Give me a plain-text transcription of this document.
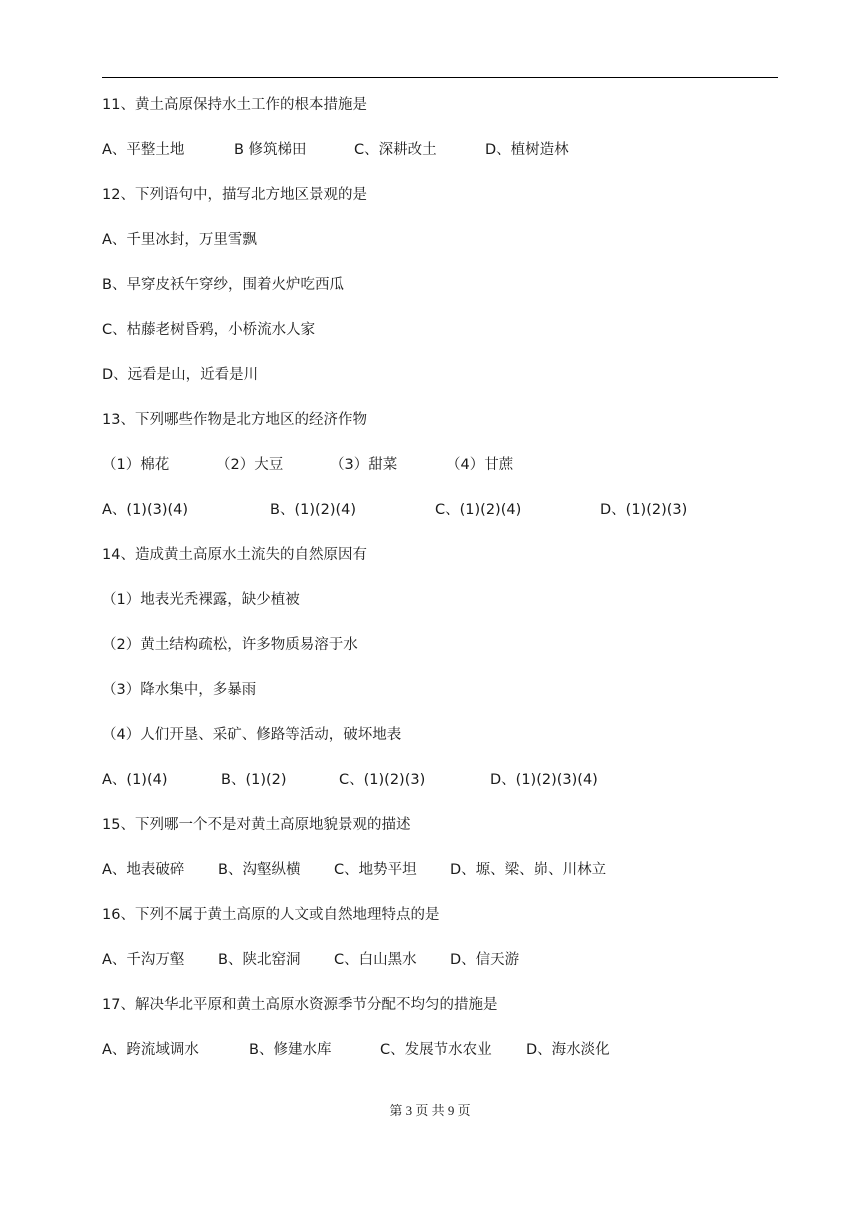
11、黄土高原保持水土工作的根本措施是
A、平整土地	B 修筑梯田	C、深耕改土	D、植树造林
12、下列语句中，描写北方地区景观的是
A、千里冰封，万里雪飘
B、早穿皮袄午穿纱，围着火炉吃西瓜
C、枯藤老树昏鸦，小桥流水人家
D、远看是山，近看是川
13、下列哪些作物是北方地区的经济作物
（1）棉花	（2）大豆	（3）甜菜	（4）甘蔗
A、(1)(3)(4)	B、(1)(2)(4)	C、(1)(2)(4)	D、(1)(2)(3)
14、造成黄土高原水土流失的自然原因有
（1）地表光秃裸露，缺少植被
（2）黄土结构疏松，许多物质易溶于水
（3）降水集中，多暴雨
（4）人们开垦、采矿、修路等活动，破坏地表
A、(1)(4)	B、(1)(2)	C、(1)(2)(3)	D、(1)(2)(3)(4)
15、下列哪一个不是对黄土高原地貌景观的描述
A、地表破碎 B、沟壑纵横 C、地势平坦 D、塬、梁、峁、川林立
16、下列不属于黄土高原的人文或自然地理特点的是
A、千沟万壑 B、陕北窑洞 C、白山黑水 D、信天游
17、解决华北平原和黄土高原水资源季节分配不均匀的措施是
A、跨流域调水	B、修建水库	C、发展节水农业 D、海水淡化
第 3 页 共 9 页
